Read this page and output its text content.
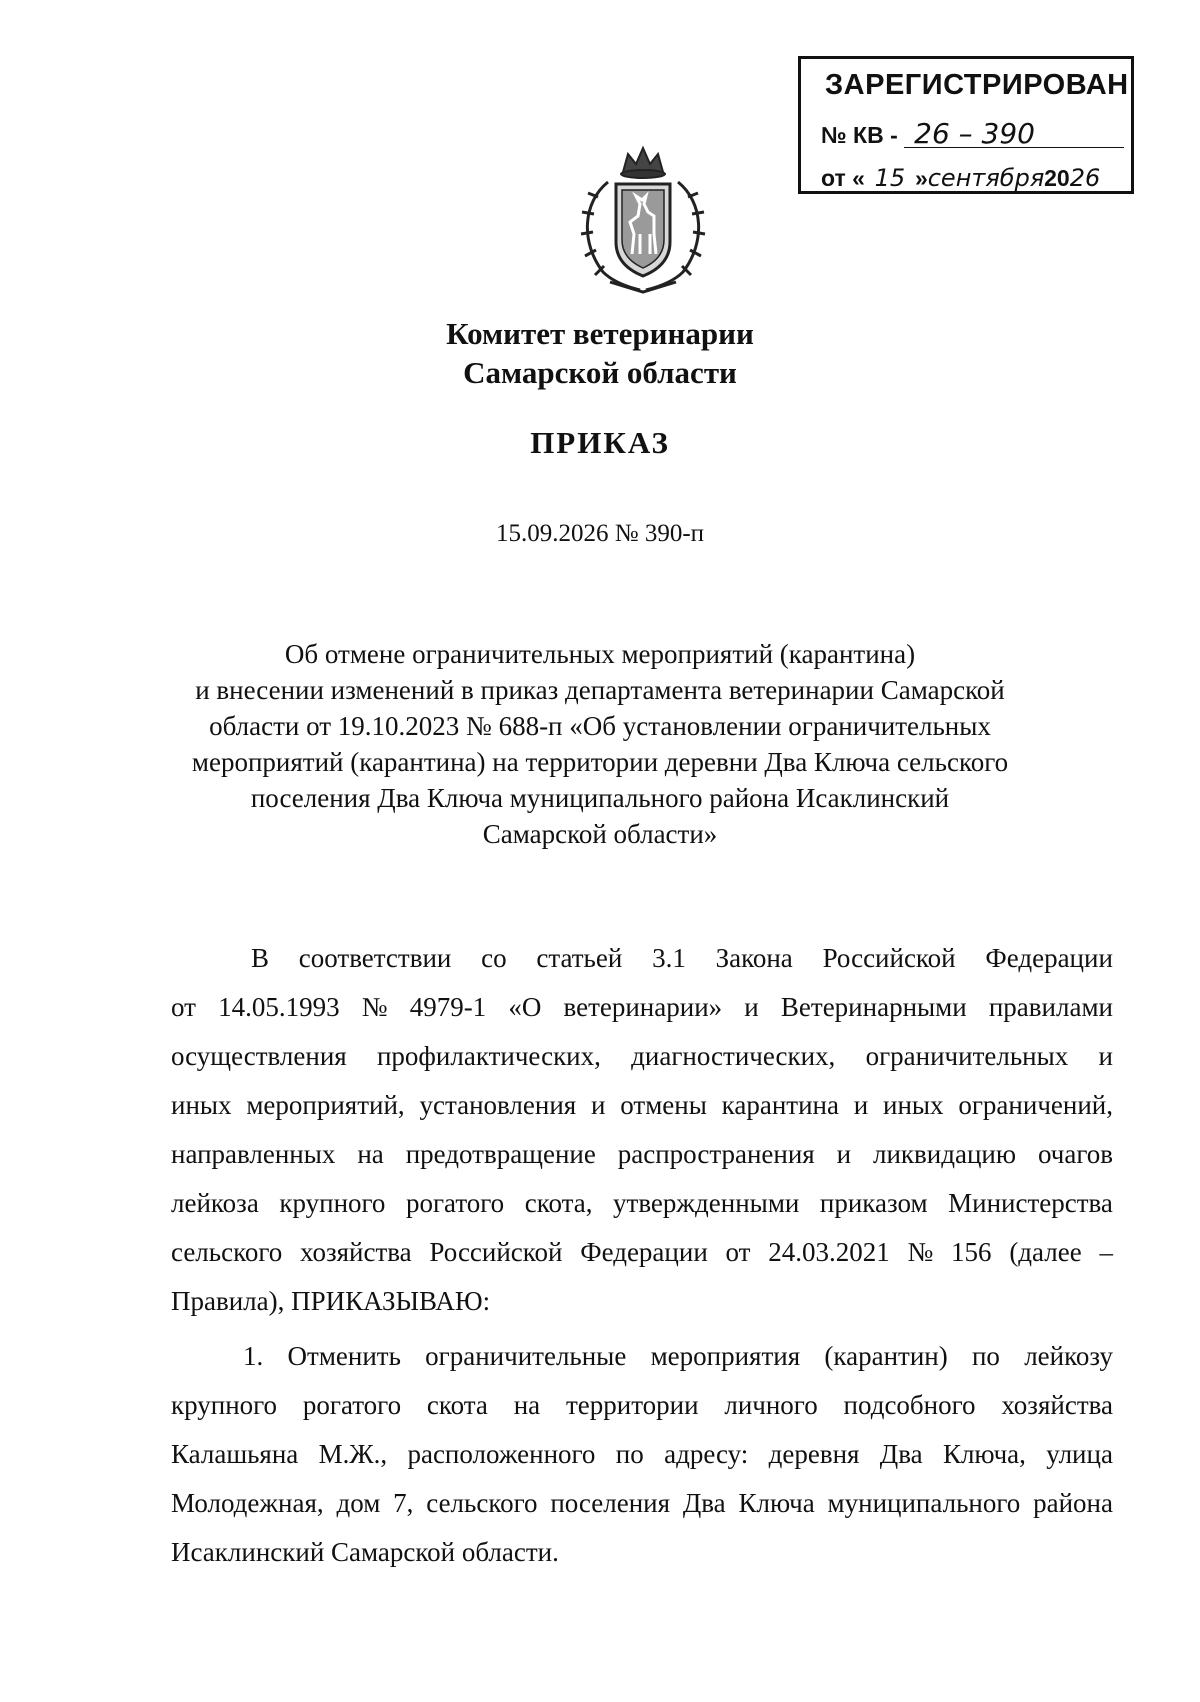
ЗАРЕГИСТРИРОВАН
№ КВ - 26 – 390
от « 15 »сентября 2026
Комитет ветеринарии
Самарской области
ПРИКАЗ
15.09.2026 № 390-п
Об отмене ограничительных мероприятий (карантина)
и внесении изменений в приказ департамента ветеринарии Самарской
области от 19.10.2023 № 688-п «Об установлении ограничительных
мероприятий (карантина) на территории деревни Два Ключа сельского
поселения Два Ключа муниципального района Исаклинский
Самарской области»
В соответствии со статьей 3.1 Закона Российской Федерации
от 14.05.1993 № 4979-1 «О ветеринарии» и Ветеринарными правилами
осуществления профилактических, диагностических, ограничительных и
иных мероприятий, установления и отмены карантина и иных ограничений,
направленных на предотвращение распространения и ликвидацию очагов
лейкоза крупного рогатого скота, утвержденными приказом Министерства
сельского хозяйства Российской Федерации от 24.03.2021 № 156 (далее –
Правила), ПРИКАЗЫВАЮ:
1. Отменить ограничительные мероприятия (карантин) по лейкозу
крупного рогатого скота на территории личного подсобного хозяйства
Калашьяна М.Ж., расположенного по адресу: деревня Два Ключа, улица
Молодежная, дом 7, сельского поселения Два Ключа муниципального района
Исаклинский Самарской области.
